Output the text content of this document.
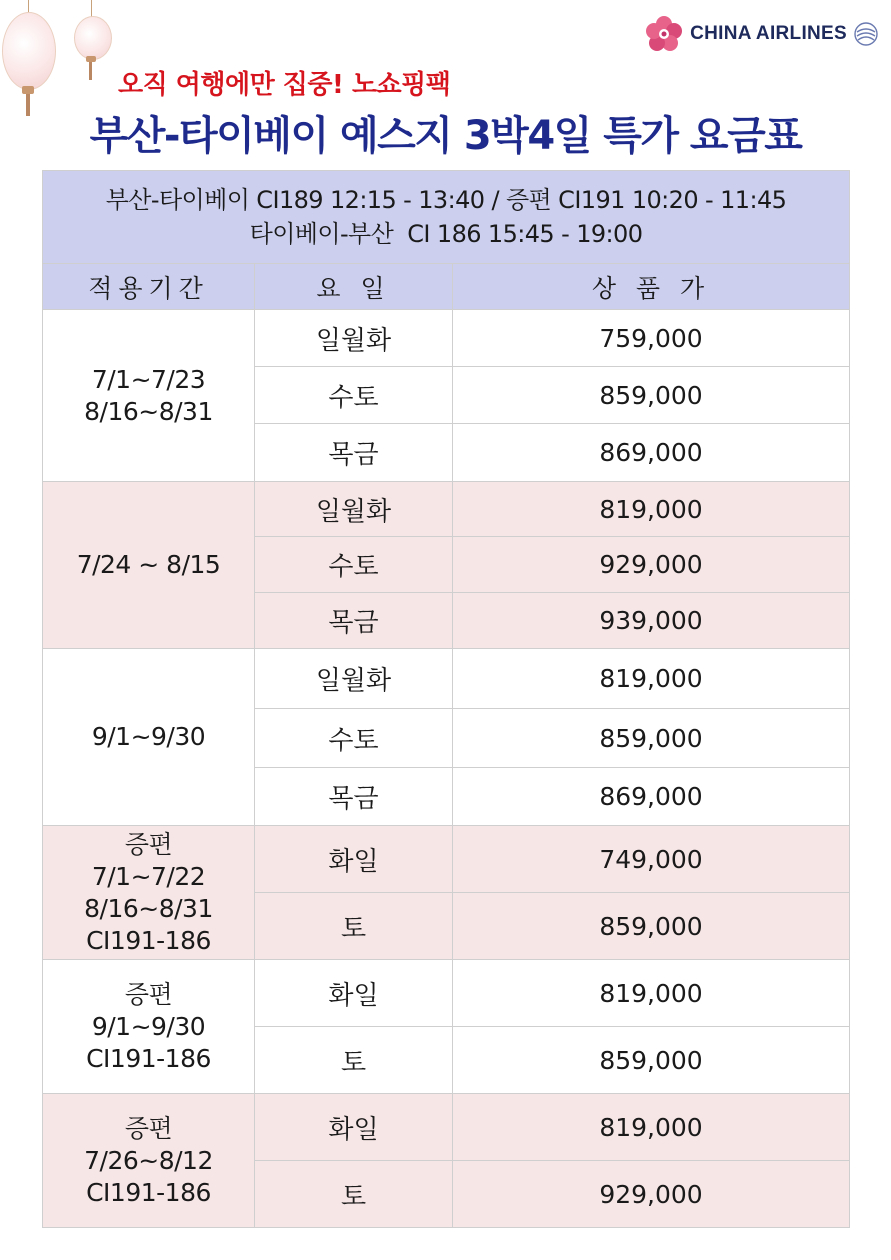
CHINA AIRLINES
오직 여행에만 집중! 노쇼핑팩
부산-타이베이 예스지 3박4일 특가 요금표
부산-타이베이 CI189 12:15 - 13:40 / 증편 CI191 10:20 - 11:45
타이베이-부산  CI 186 15:45 - 19:00		

적용기간	요 일	상 품 가

7/1~7/23
8/16~8/31	일월화	759,000
	수토	859,000
	목금	869,000

7/24 ~ 8/15	일월화	819,000
	수토	929,000
	목금	939,000

9/1~9/30	일월화	819,000
	수토	859,000
	목금	869,000

증편
7/1~7/22
8/16~8/31
CI191-186	화일	749,000
	토	859,000

증편
9/1~9/30
CI191-186	화일	819,000
	토	859,000

증편
7/26~8/12
CI191-186	화일	819,000
	토	929,000
